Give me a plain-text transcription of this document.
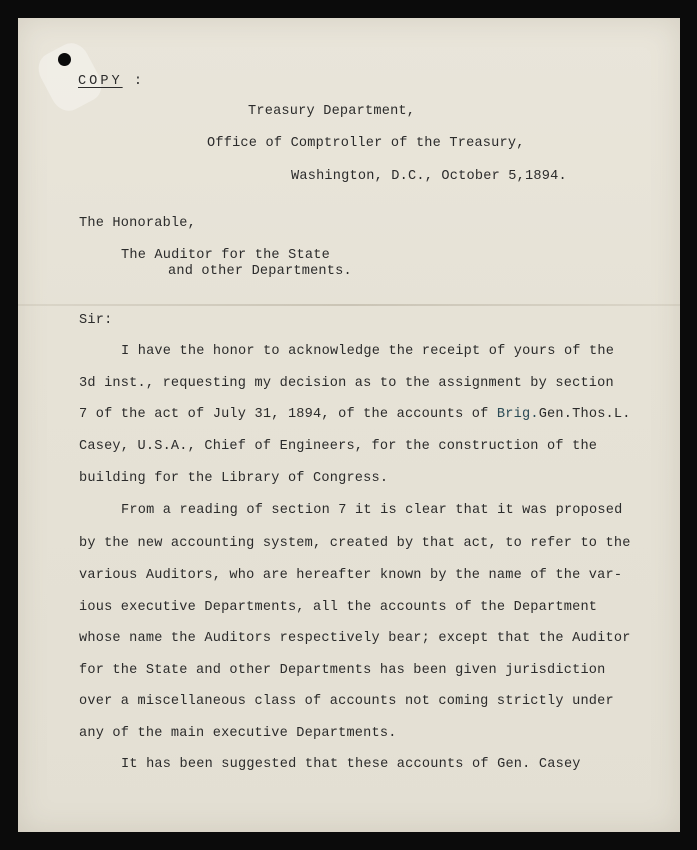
COPY :
Treasury Department,
Office of Comptroller of the Treasury,
Washington, D.C., October 5,1894.
The Honorable,
The Auditor for the State
and other Departments.
Sir:
I have the honor to acknowledge the receipt of yours of the
3d inst., requesting my decision as to the assignment by section
7 of the act of July 31, 1894, of the accounts of Brig.Gen.Thos.L.
Casey, U.S.A., Chief of Engineers, for the construction of the
building for the Library of Congress.
From a reading of section 7 it is clear that it was proposed
by the new accounting system, created by that act, to refer to the
various Auditors, who are hereafter known by the name of the var-
ious executive Departments, all the accounts of the Department
whose name the Auditors respectively bear; except that the Auditor
for the State and other Departments has been given jurisdiction
over a miscellaneous class of accounts not coming strictly under
any of the main executive Departments.
It has been suggested that these accounts of Gen. Casey
